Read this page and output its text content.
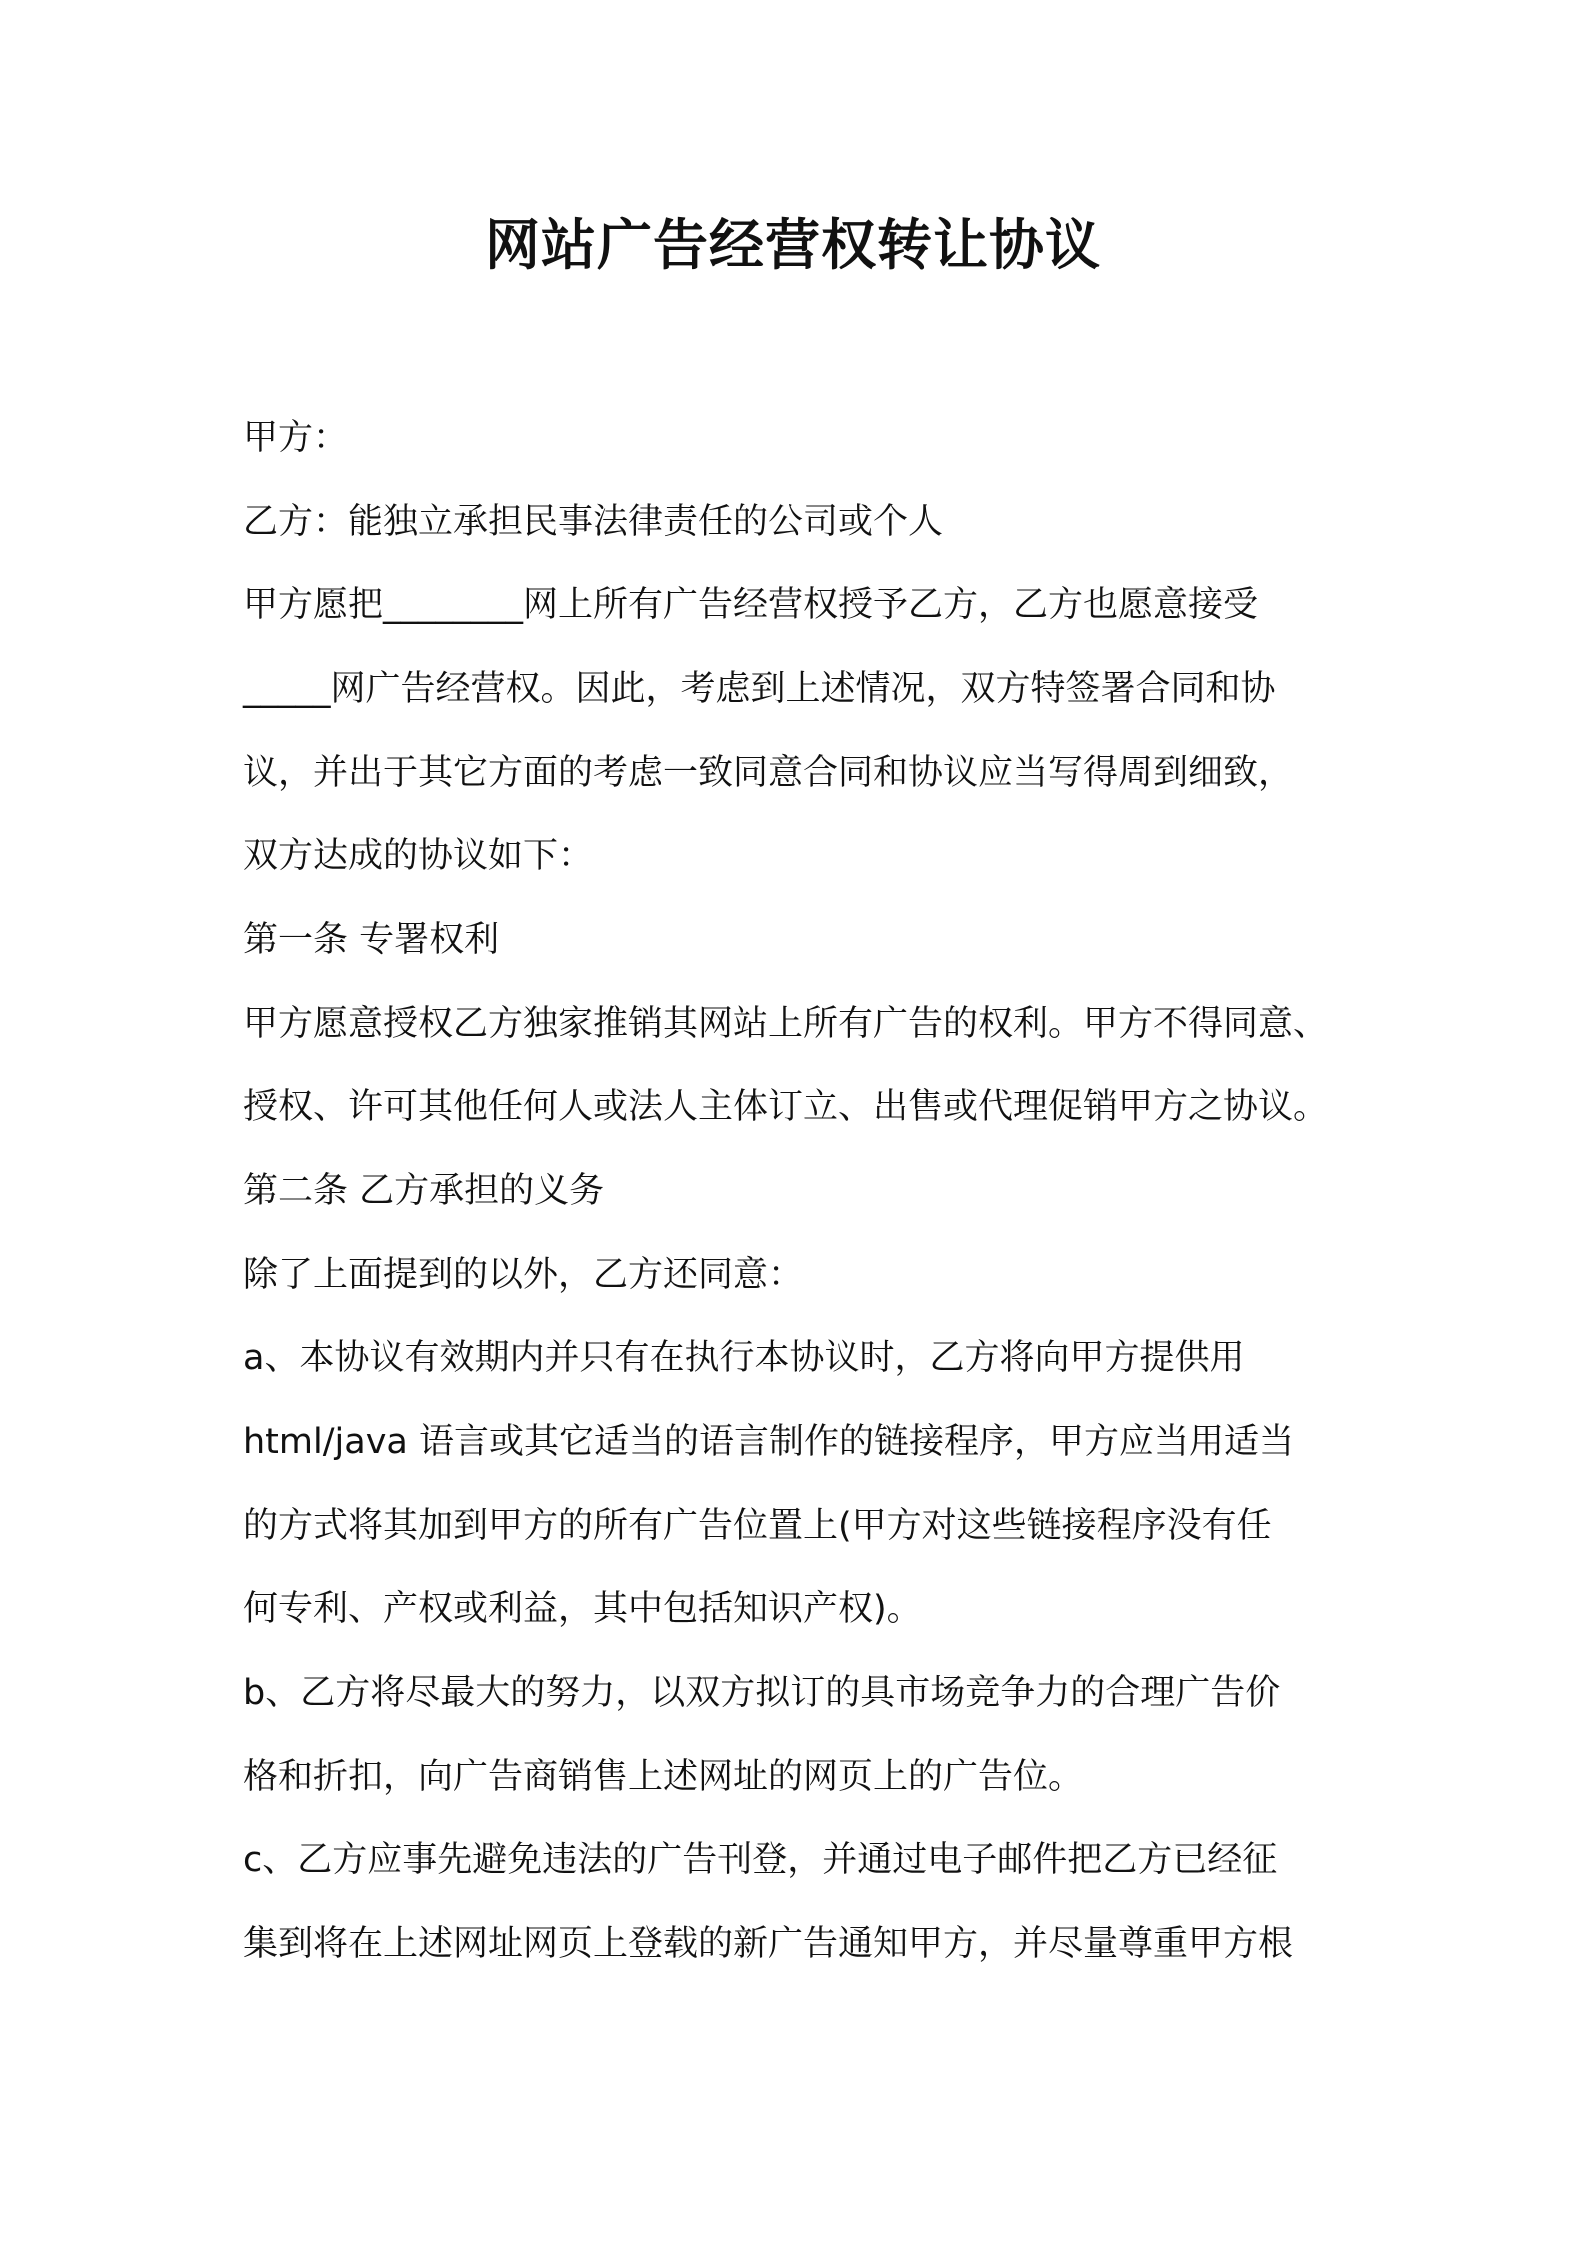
网站广告经营权转让协议

甲方：

乙方：能独立承担民事法律责任的公司或个人

甲方愿把________网上所有广告经营权授予乙方，乙方也愿意接受

_____网广告经营权。因此，考虑到上述情况，双方特签署合同和协

议，并出于其它方面的考虑一致同意合同和协议应当写得周到细致，

双方达成的协议如下：

第一条 专署权利

甲方愿意授权乙方独家推销其网站上所有广告的权利。甲方不得同意、

授权、许可其他任何人或法人主体订立、出售或代理促销甲方之协议。

第二条 乙方承担的义务

除了上面提到的以外，乙方还同意：

a、本协议有效期内并只有在执行本协议时，乙方将向甲方提供用

html/java 语言或其它适当的语言制作的链接程序，甲方应当用适当

的方式将其加到甲方的所有广告位置上(甲方对这些链接程序没有任

何专利、产权或利益，其中包括知识产权)。

b、乙方将尽最大的努力，以双方拟订的具市场竞争力的合理广告价

格和折扣，向广告商销售上述网址的网页上的广告位。

c、乙方应事先避免违法的广告刊登，并通过电子邮件把乙方已经征

集到将在上述网址网页上登载的新广告通知甲方，并尽量尊重甲方根
